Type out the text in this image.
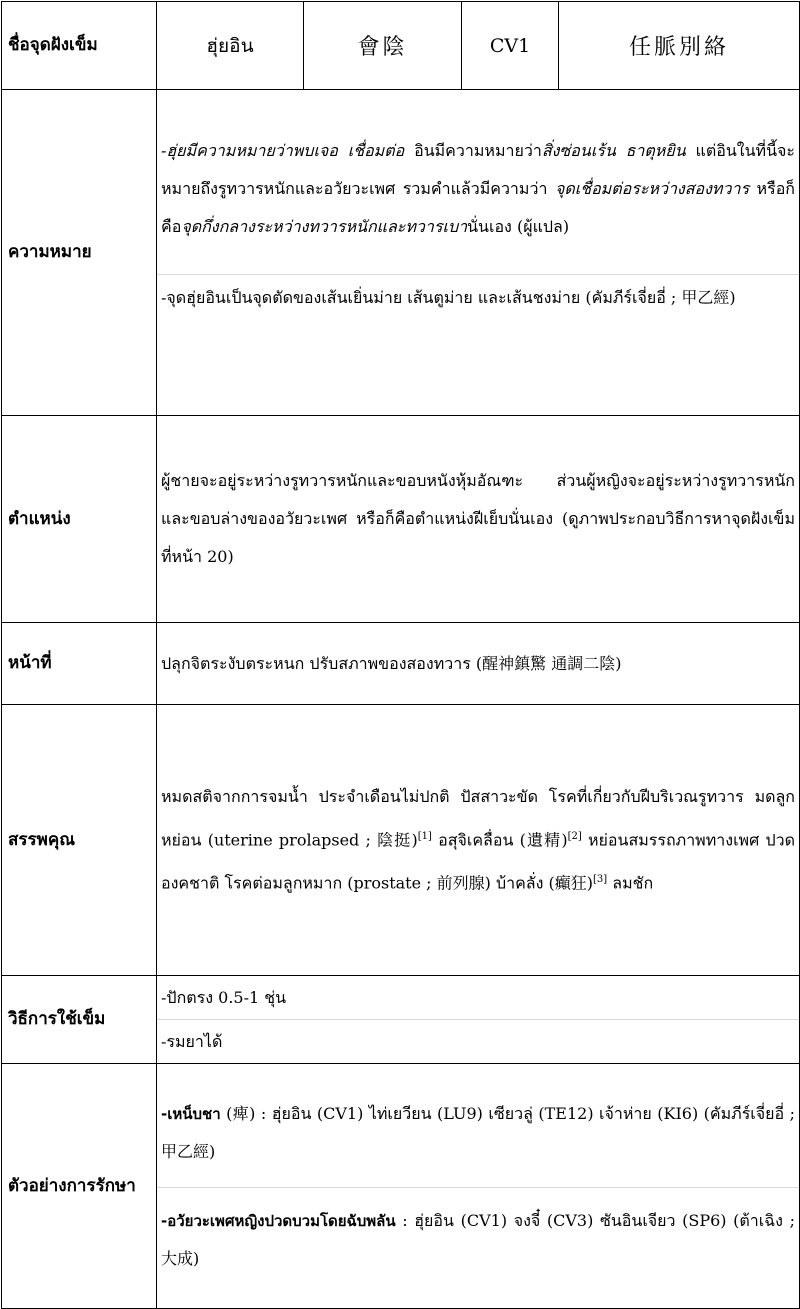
ชื่อจุดฝังเข็ม	ฮุ่ยอิน	會陰	CV1	任脈別絡
ความหมาย	-ฮุ่ยมีความหมายว่าพบเจอ เชื่อมต่อ อินมีความหมายว่าสิ่งซ่อนเร้น ธาตุหยิน แต่อินในที่นี้จะหมายถึงรูทวารหนักและอวัยวะเพศ รวมคำแล้วมีความว่า จุดเชื่อมต่อระหว่างสองทวาร หรือก็คือจุดกึ่งกลางระหว่างทวารหนักและทวารเบานั่นเอง (ผู้แปล)
-จุดฮุ่ยอินเป็นจุดตัดของเส้นเยิ่นม่าย เส้นตูม่าย และเส้นชงม่าย (คัมภีร์เจี่ยอี่ ; 甲乙經)			

ตำแหน่ง	ผู้ชายจะอยู่ระหว่างรูทวารหนักและขอบหนังหุ้มอัณฑะ ส่วนผู้หญิงจะอยู่ระหว่างรูทวารหนักและขอบล่างของอวัยวะเพศ หรือก็คือตำแหน่งฝีเย็บนั่นเอง (ดูภาพประกอบวิธีการหาจุดฝังเข็มที่หน้า 20)			

หน้าที่	ปลุกจิตระงับตระหนก ปรับสภาพของสองทวาร (醒神鎮驚 通調二陰)			

สรรพคุณ	หมดสติจากการจมน้ำ ประจำเดือนไม่ปกติ ปัสสาวะขัด โรคที่เกี่ยวกับฝีบริเวณรูทวาร มดลูกหย่อน (uterine prolapsed ; 陰挺)[1] อสุจิเคลื่อน (遺精)[2] หย่อนสมรรถภาพทางเพศ ปวดองคชาติ โรคต่อมลูกหมาก (prostate ; 前列腺) บ้าคลั่ง (癲狂)[3] ลมชัก			

วิธีการใช้เข็ม	-ปักตรง 0.5-1 ชุ่น
-รมยาได้			

ตัวอย่างการรักษา	-เหน็บชา (痺) : ฮุ่ยอิน (CV1) ไท่เยวียน (LU9) เซียวลู่ (TE12) เจ้าห่าย (KI6) (คัมภีร์เจี่ยอี่ ; 甲乙經)
-อวัยวะเพศหญิงปวดบวมโดยฉับพลัน : ฮุ่ยอิน (CV1) จงจี๋ (CV3) ซันอินเจียว (SP6) (ต้าเฉิง ; 大成)			
